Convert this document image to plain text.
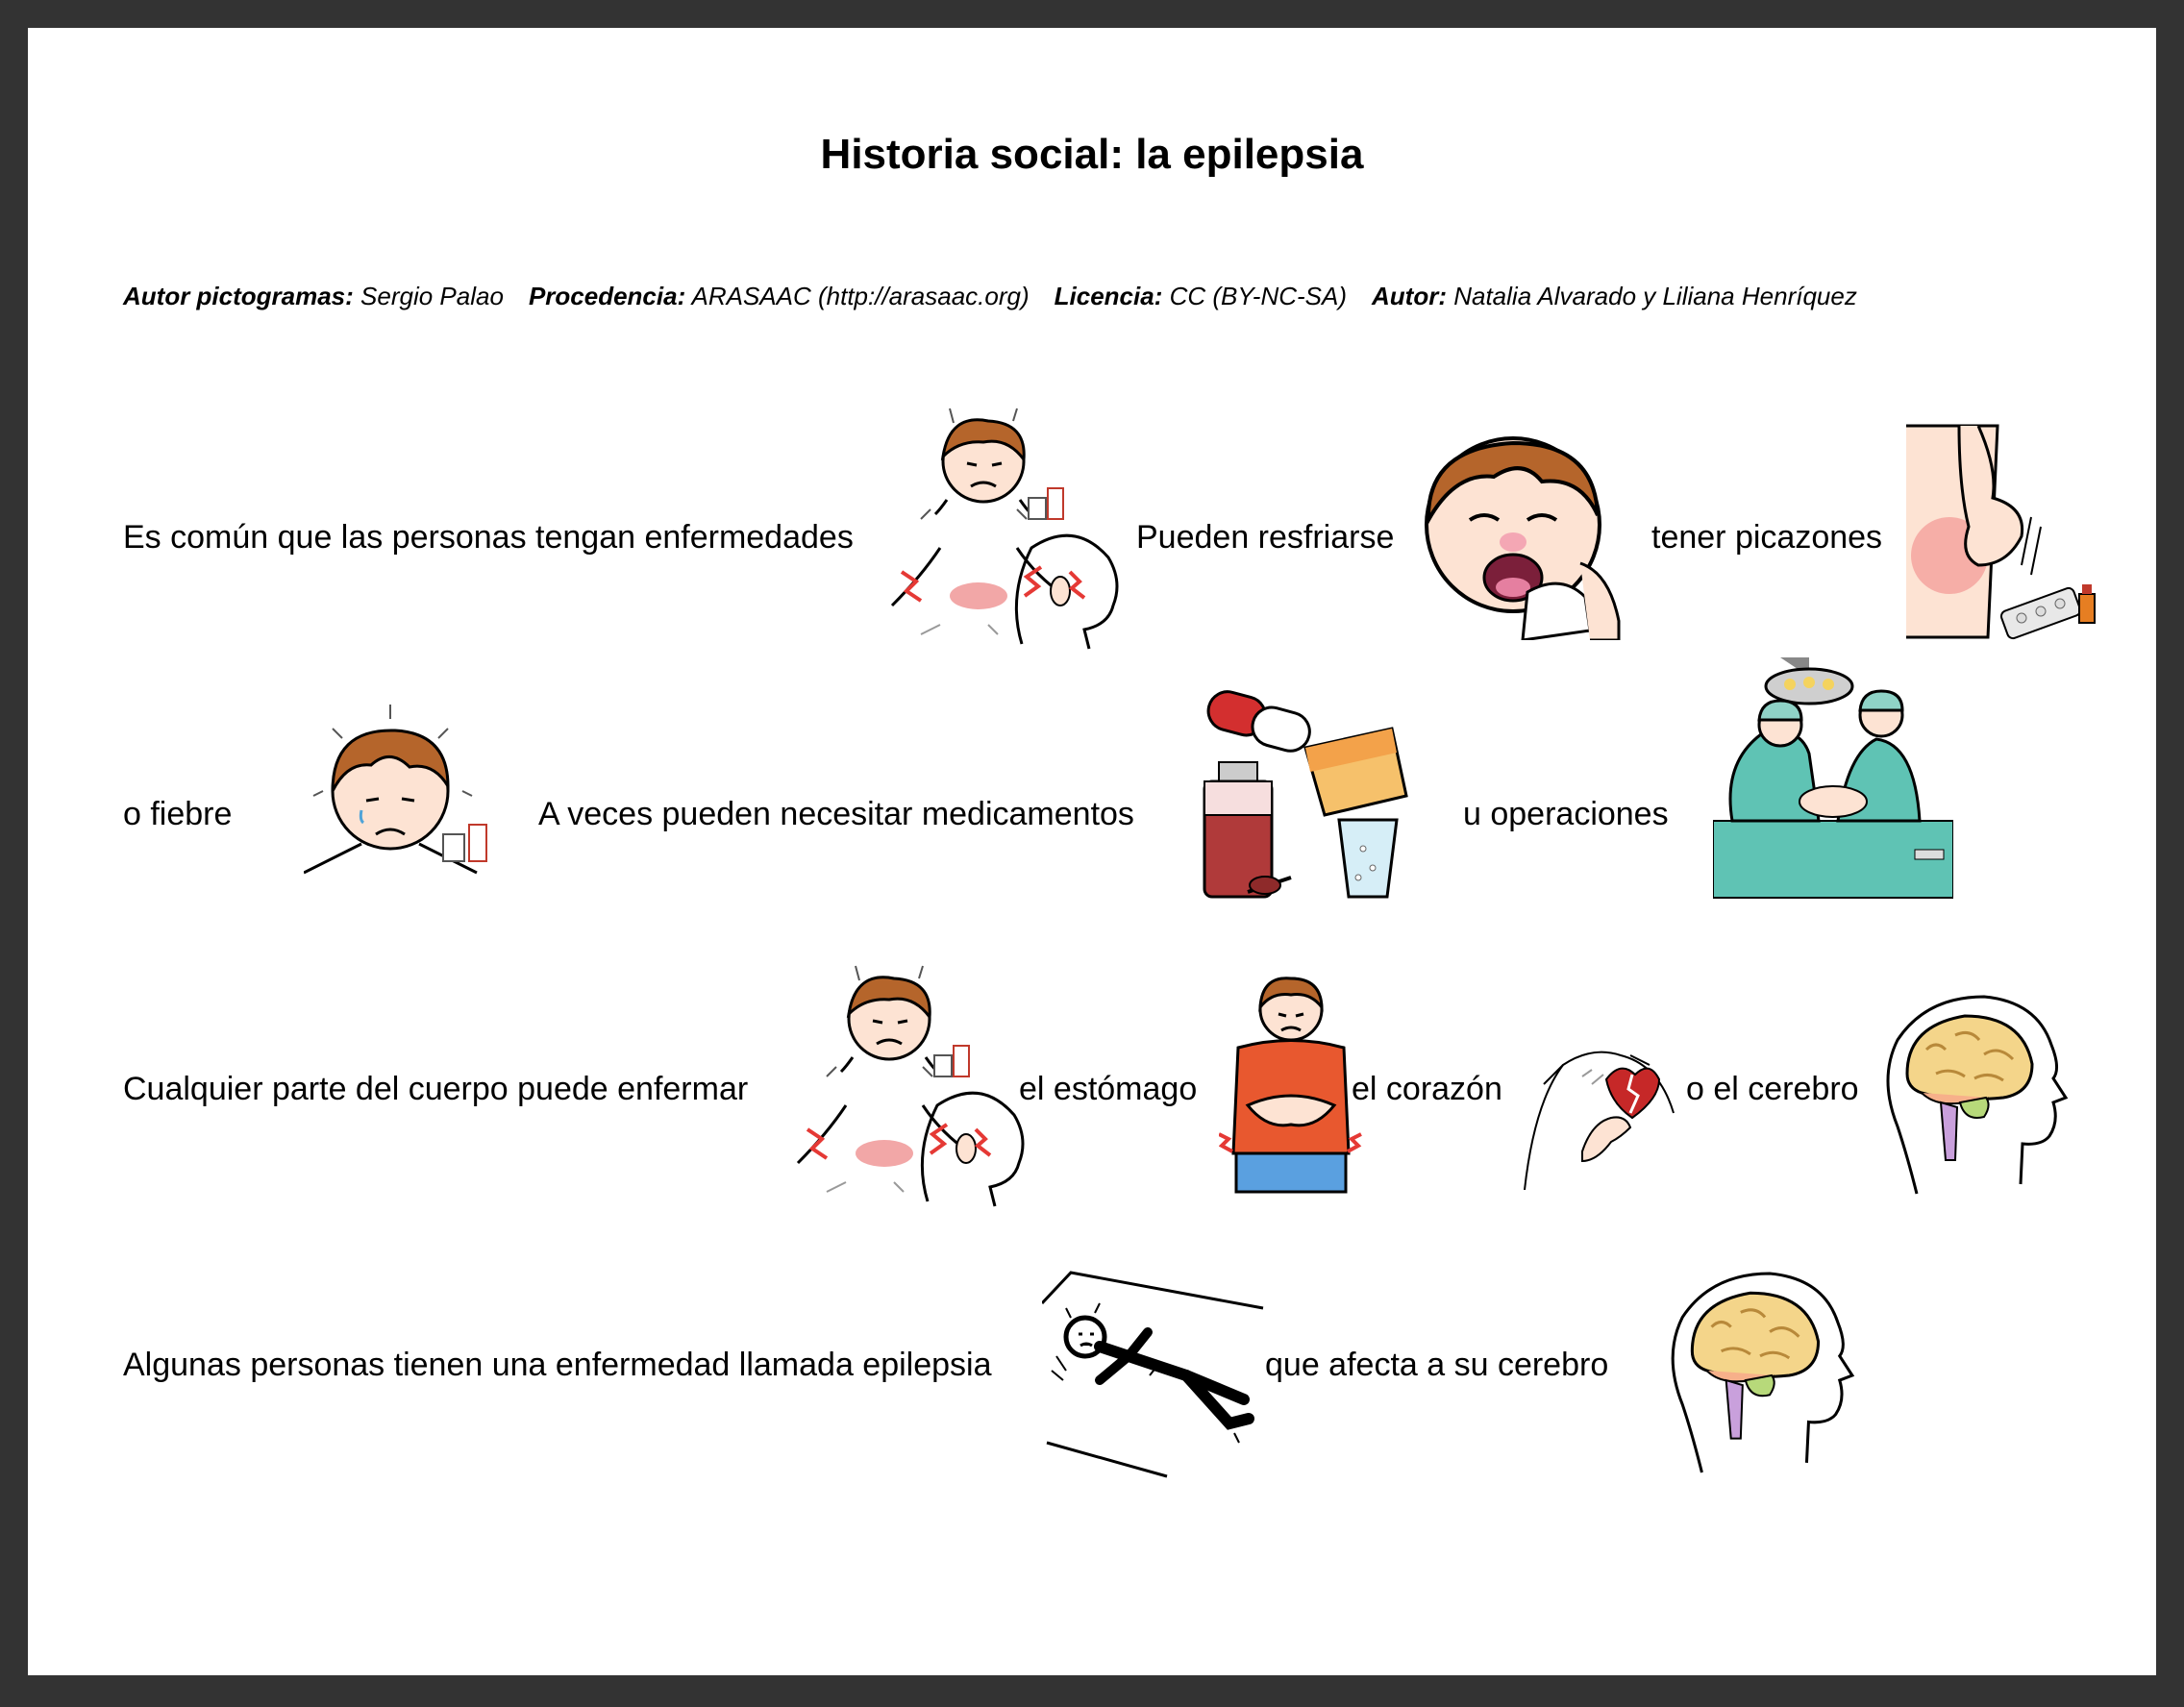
Historia social: la epilepsia
Autor pictogramas: Sergio Palao Procedencia: ARASAAC (http://arasaac.org) Licencia: CC (BY-NC-SA) Autor: Natalia Alvarado y Liliana Henríquez
Es común que las personas tengan enfermedades	Pueden resfriarse	tener picazones
o fiebre	A veces pueden necesitar medicamentos	u operaciones
Cualquier parte del cuerpo puede enfermar	el estómago	el corazón	o el cerebro
Algunas personas tienen una enfermedad llamada epilepsia	que afecta a su cerebro
